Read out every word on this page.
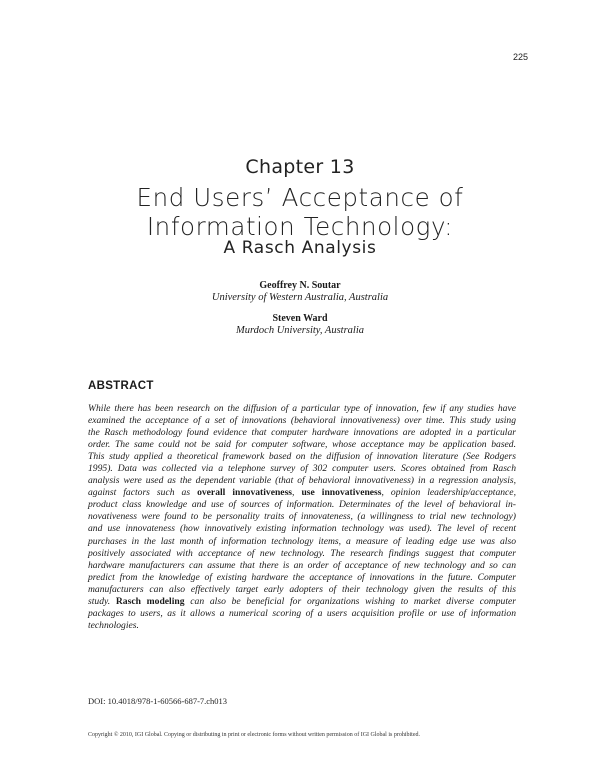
225
Chapter 13
End Users’ Acceptance of
Information Technology:
A Rasch Analysis
Geoffrey N. Soutar
University of Western Australia, Australia
Steven Ward
Murdoch University, Australia
ABSTRACT
While there has been research on the diffusion of a particular type of innovation, few if any studies have
examined the acceptance of a set of innovations (behavioral innovativeness) over time. This study using
the Rasch methodology found evidence that computer hardware innovations are adopted in a particular
order. The same could not be said for computer software, whose acceptance may be application based.
This study applied a theoretical framework based on the diffusion of innovation literature (See Rodgers
1995). Data was collected via a telephone survey of 302 computer users. Scores obtained from Rasch
analysis were used as the dependent variable (that of behavioral innovativeness) in a regression analysis,
against factors such as overall innovativeness, use innovativeness, opinion leadership/acceptance,
product class knowledge and use of sources of information. Determinates of the level of behavioral in-
novativeness were found to be personality traits of innovateness, (a willingness to trial new technology)
and use innovateness (how innovatively existing information technology was used). The level of recent
purchases in the last month of information technology items, a measure of leading edge use was also
positively associated with acceptance of new technology. The research findings suggest that computer
hardware manufacturers can assume that there is an order of acceptance of new technology and so can
predict from the knowledge of existing hardware the acceptance of innovations in the future. Computer
manufacturers can also effectively target early adopters of their technology given the results of this
study. Rasch modeling can also be beneficial for organizations wishing to market diverse computer
packages to users, as it allows a numerical scoring of a users acquisition profile or use of information
technologies.
DOI: 10.4018/978-1-60566-687-7.ch013
Copyright © 2010, IGI Global. Copying or distributing in print or electronic forms without written permission of IGI Global is prohibited.
